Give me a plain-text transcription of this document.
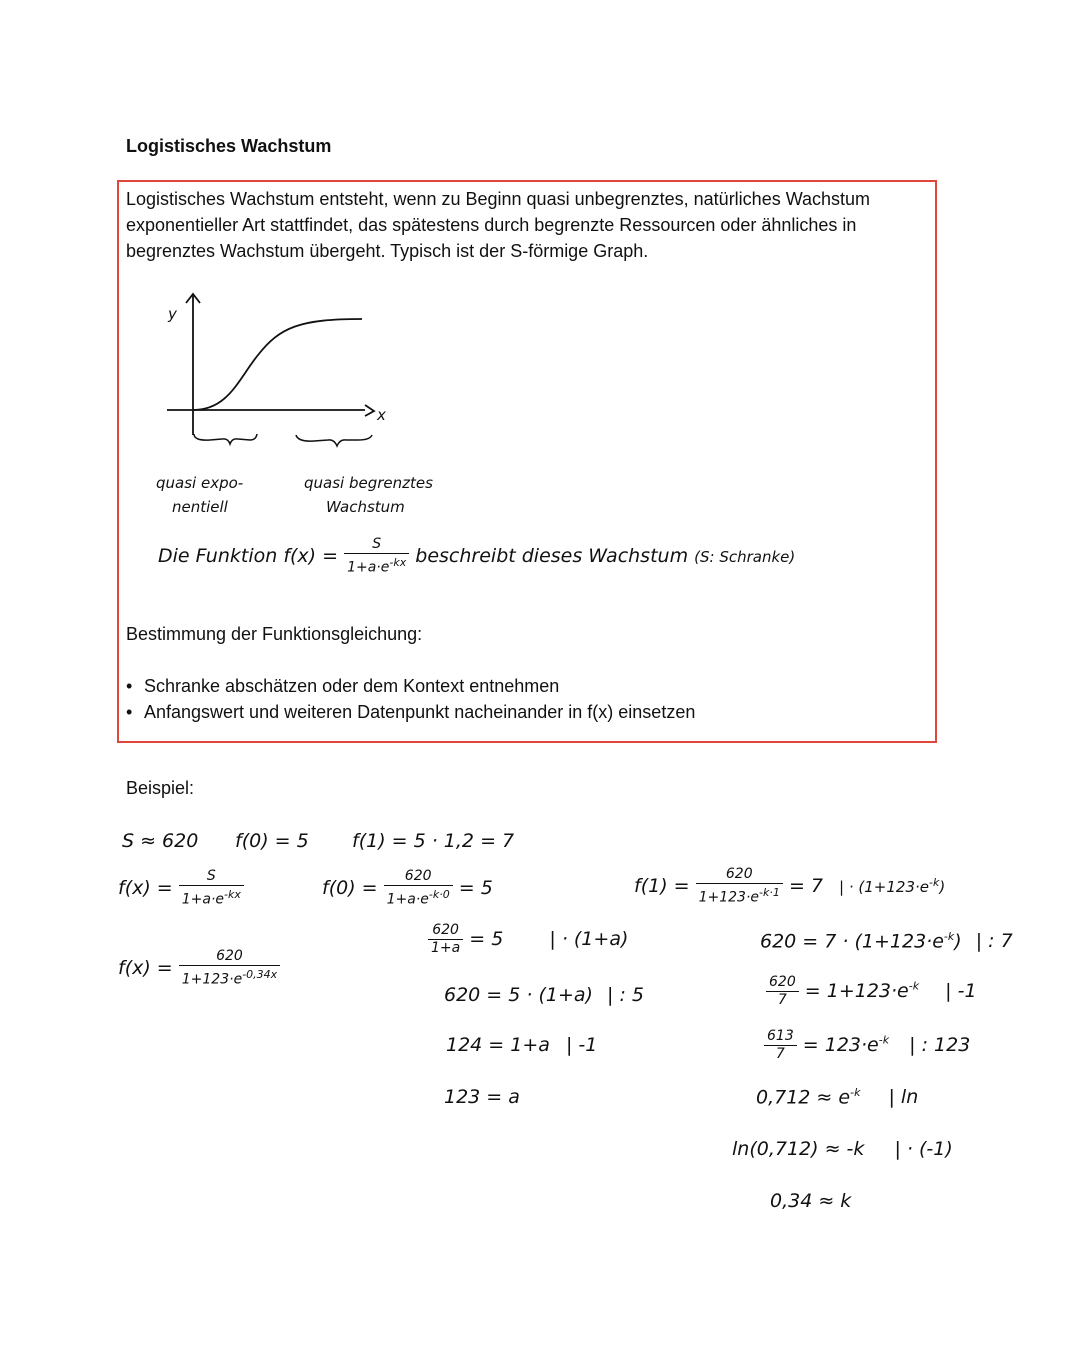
Logistisches Wachstum
Logistisches Wachstum entsteht, wenn zu Beginn quasi unbegrenztes, natürliches Wachstum exponentieller Art stattfindet, das spätestens durch begrenzte Ressourcen oder ähnliches in begrenztes Wachstum übergeht. Typisch ist der S-förmige Graph.
y
x
quasi expo-
nentiell
quasi begrenztes
Wachstum
Die Funktion $f(x) = \frac{S}{1+a\cdot e^{-kx}}$ beschreibt dieses Wachstum (S: Schranke)
Bestimmung der Funktionsgleichung:
• Schranke abschätzen oder dem Kontext entnehmen
• Anfangswert und weiteren Datenpunkt nacheinander in f(x) einsetzen
Beispiel:
S ≈ 620 f(0) = 5 f(1) = 5 · 1,2 = 7
$f(x) = \frac{S}{1+a\cdot e^{-kx}}$
$f(x) = \frac{620}{1+123\cdot e^{-0,34x}}$
$f(0) = \frac{620}{1+a\cdot e^{-k\cdot 0}} = 5$
$\frac{620}{1+a} = 5$ | · (1+a)
620 = 5 · (1+a) | : 5
124 = 1+a | -1
123 = a
$f(1) = \frac{620}{1+123\cdot e^{-k\cdot 1}} = 7$ | · $(1+123\cdot e^{-k})$
$620 = 7 \cdot (1+123\cdot e^{-k})$ | : 7
$\frac{620}{7} = 1+123\cdot e^{-k}$ | -1
$\frac{613}{7} = 123\cdot e^{-k}$ | : 123
$0,712 \approx e^{-k}$ | ln
ln(0,712) ≈ -k | · (-1)
0,34 ≈ k
